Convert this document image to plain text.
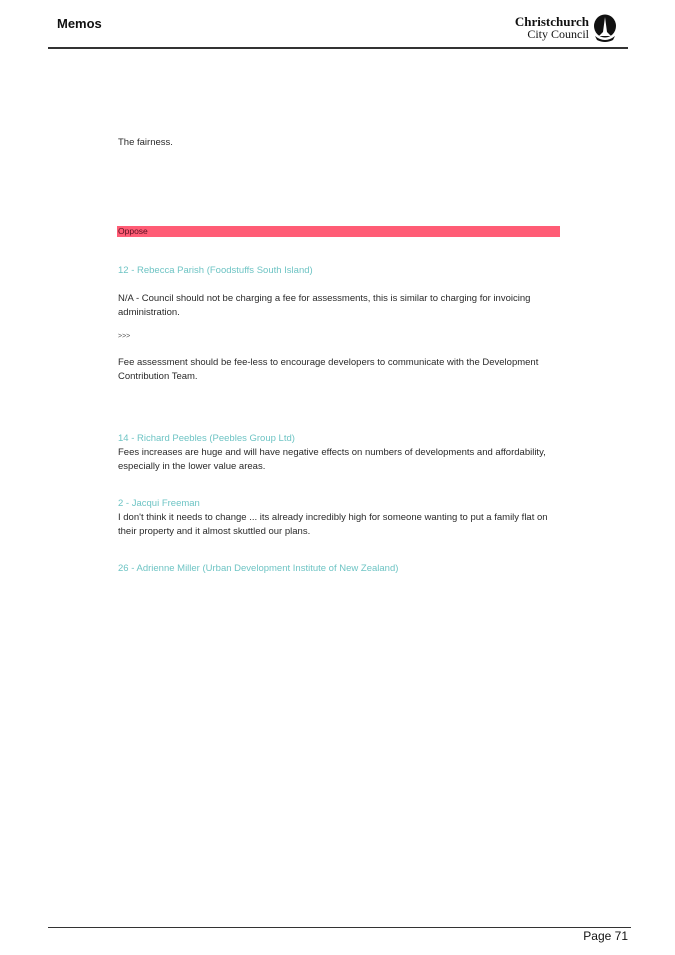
Memos	Christchurch
City Council
The fairness.
Oppose
12 - Rebecca Parish (Foodstuffs South Island)
N/A - Council should not be charging a fee for assessments, this is similar to charging for invoicing administration.
>>>
Fee assessment should be fee-less to encourage developers to communicate with the Development Contribution Team.
14 - Richard Peebles (Peebles Group Ltd)
Fees increases are huge and will have negative effects on numbers of developments and affordability, especially in the lower value areas.
2 - Jacqui Freeman
I don't think it needs to change ... its already incredibly high for someone wanting to put a family flat on their property and it almost skuttled our plans.
26 - Adrienne Miller (Urban Development Institute of New Zealand)
Page 71
